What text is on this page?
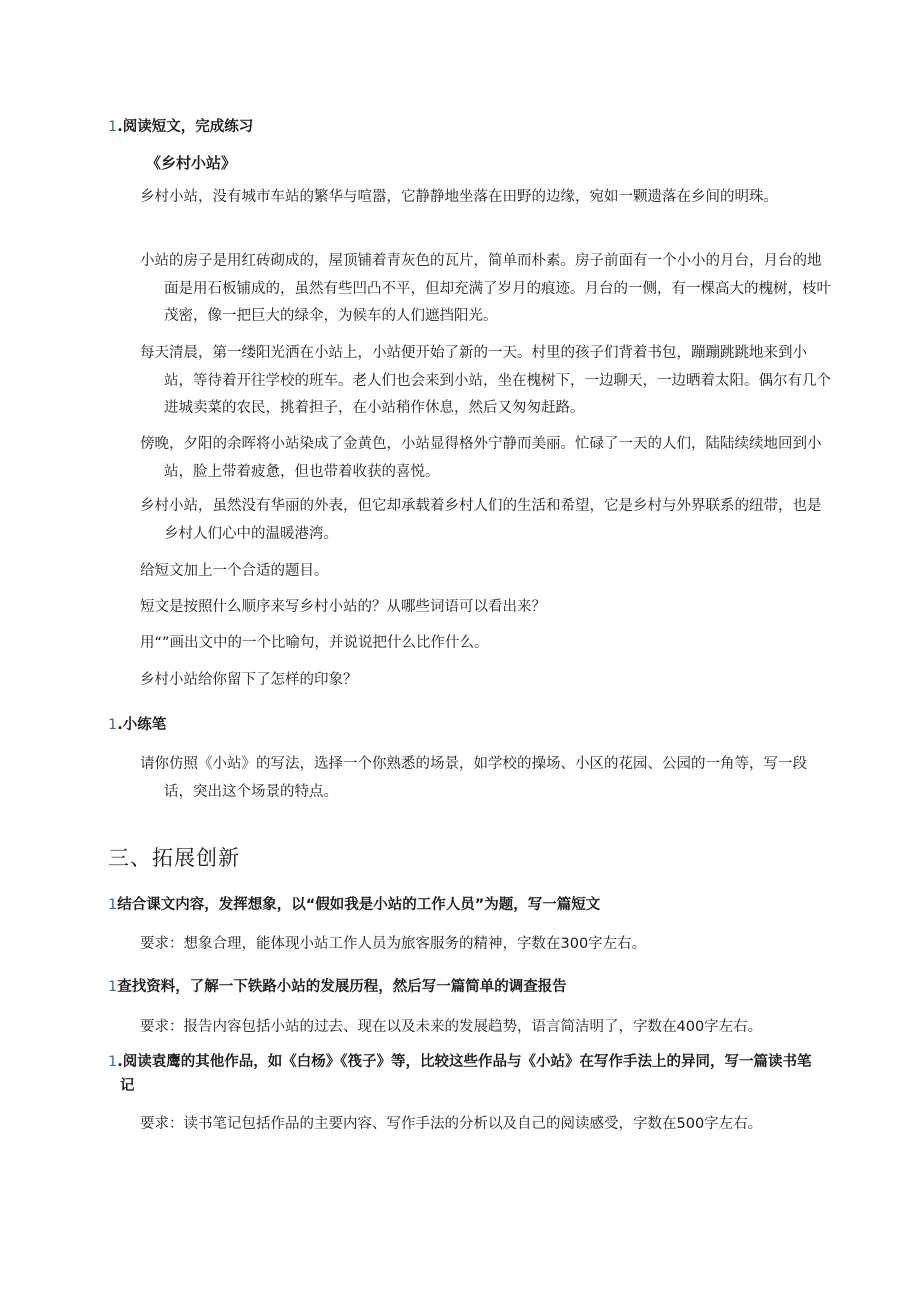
1.阅读短文，完成练习

《乡村小站》

乡村小站，没有城市车站的繁华与喧嚣，它静静地坐落在田野的边缘，宛如一颗遗落在乡间的明珠。

小站的房子是用红砖砌成的，屋顶铺着青灰色的瓦片，简单而朴素。房子前面有一个小小的月台，月台的地面是用石板铺成的，虽然有些凹凸不平，但却充满了岁月的痕迹。月台的一侧，有一棵高大的槐树，枝叶茂密，像一把巨大的绿伞，为候车的人们遮挡阳光。

每天清晨，第一缕阳光洒在小站上，小站便开始了新的一天。村里的孩子们背着书包，蹦蹦跳跳地来到小站，等待着开往学校的班车。老人们也会来到小站，坐在槐树下，一边聊天，一边晒着太阳。偶尔有几个进城卖菜的农民，挑着担子，在小站稍作休息，然后又匆匆赶路。

傍晚，夕阳的余晖将小站染成了金黄色，小站显得格外宁静而美丽。忙碌了一天的人们，陆陆续续地回到小站，脸上带着疲惫，但也带着收获的喜悦。

乡村小站，虽然没有华丽的外表，但它却承载着乡村人们的生活和希望，它是乡村与外界联系的纽带，也是乡村人们心中的温暖港湾。

给短文加上一个合适的题目。

短文是按照什么顺序来写乡村小站的？从哪些词语可以看出来？

用“”画出文中的一个比喻句，并说说把什么比作什么。

乡村小站给你留下了怎样的印象？

1.小练笔

请你仿照《小站》的写法，选择一个你熟悉的场景，如学校的操场、小区的花园、公园的一角等，写一段话，突出这个场景的特点。

三、拓展创新

1结合课文内容，发挥想象，以“假如我是小站的工作人员”为题，写一篇短文

要求：想象合理，能体现小站工作人员为旅客服务的精神，字数在300字左右。

1查找资料，了解一下铁路小站的发展历程，然后写一篇简单的调查报告

要求：报告内容包括小站的过去、现在以及未来的发展趋势，语言简洁明了，字数在400字左右。

1.阅读袁鹰的其他作品，如《白杨》《筏子》等，比较这些作品与《小站》在写作手法上的异同，写一篇读书笔记

要求：读书笔记包括作品的主要内容、写作手法的分析以及自己的阅读感受，字数在500字左右。
